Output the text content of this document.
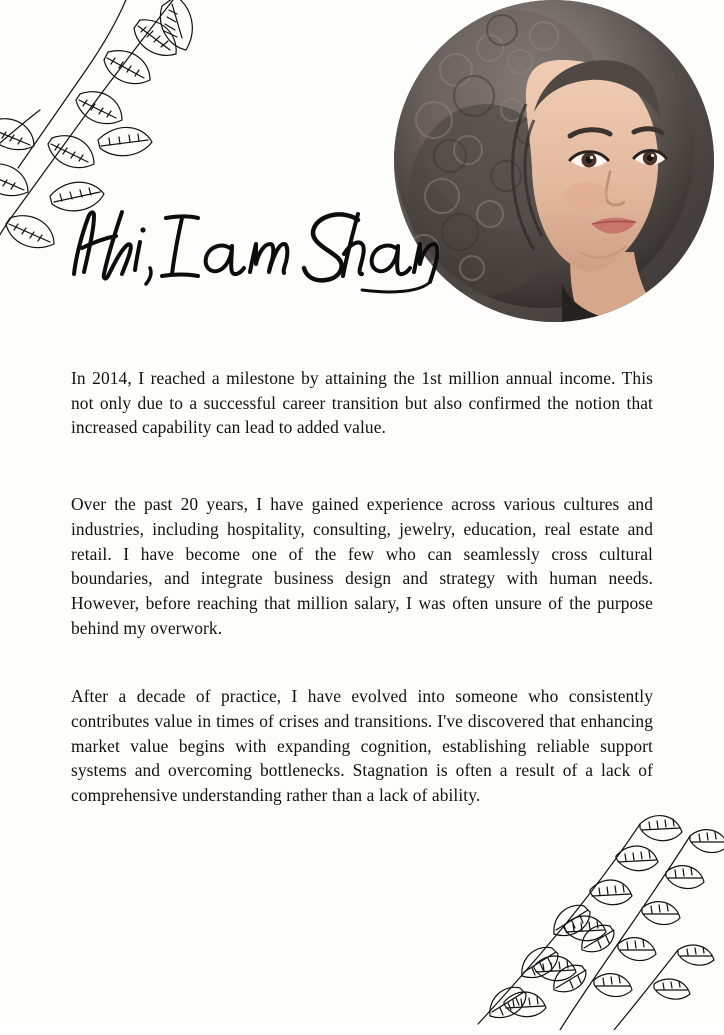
In 2014, I reached a milestone by attaining the 1st million annual income. This not only due to a successful career transition but also confirmed the notion that increased capability can lead to added value.

Over the past 20 years, I have gained experience across various cultures and industries, including hospitality, consulting, jewelry, education, real estate and retail. I have become one of the few who can seamlessly cross cultural boundaries, and integrate business design and strategy with human needs. However, before reaching that million salary, I was often unsure of the purpose behind my overwork.

After a decade of practice, I have evolved into someone who consistently contributes value in times of crises and transitions. I've discovered that enhancing market value begins with expanding cognition, establishing reliable support systems and overcoming bottlenecks. Stagnation is often a result of a lack of comprehensive understanding rather than a lack of ability.
